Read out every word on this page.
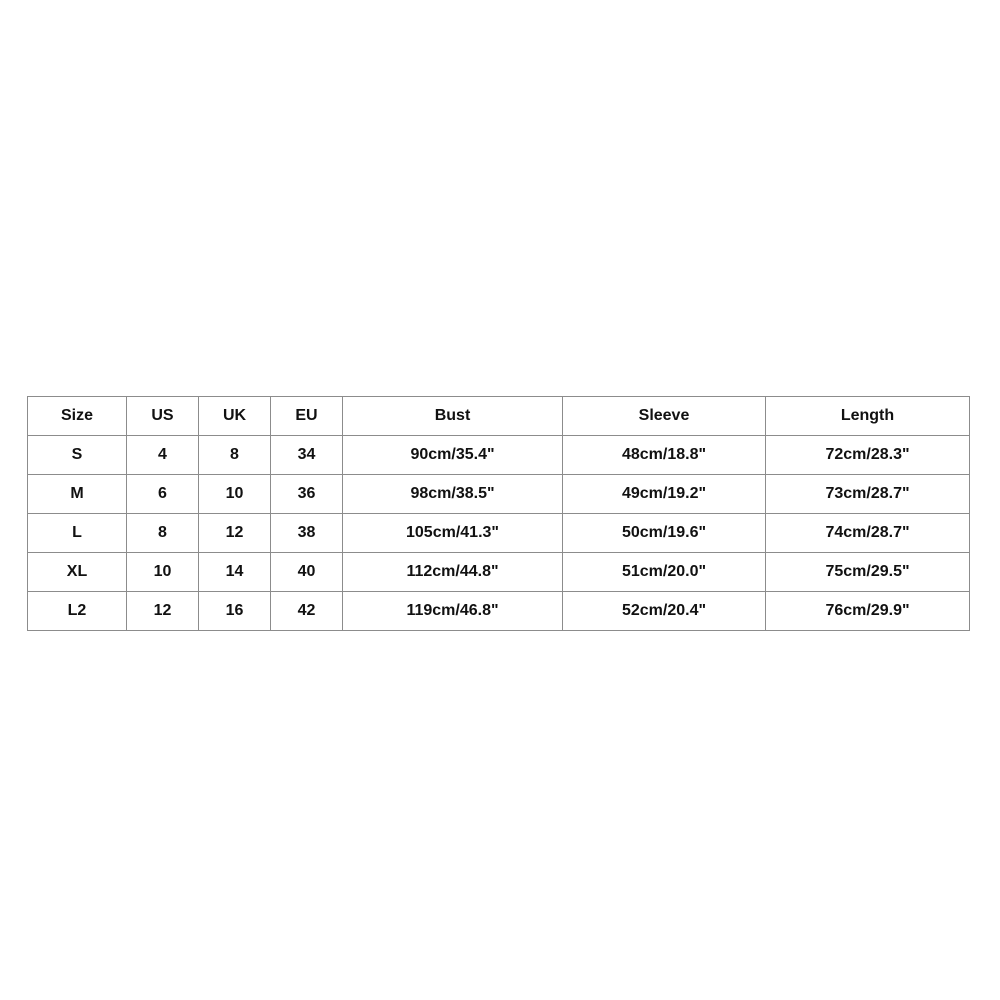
Size	US	UK	EU	Bust	Sleeve	Length
S	4	8	34	90cm/35.4"	48cm/18.8"	72cm/28.3"
M	6	10	36	98cm/38.5"	49cm/19.2"	73cm/28.7"
L	8	12	38	105cm/41.3"	50cm/19.6"	74cm/28.7"
XL	10	14	40	112cm/44.8"	51cm/20.0"	75cm/29.5"
L2	12	16	42	119cm/46.8"	52cm/20.4"	76cm/29.9"
